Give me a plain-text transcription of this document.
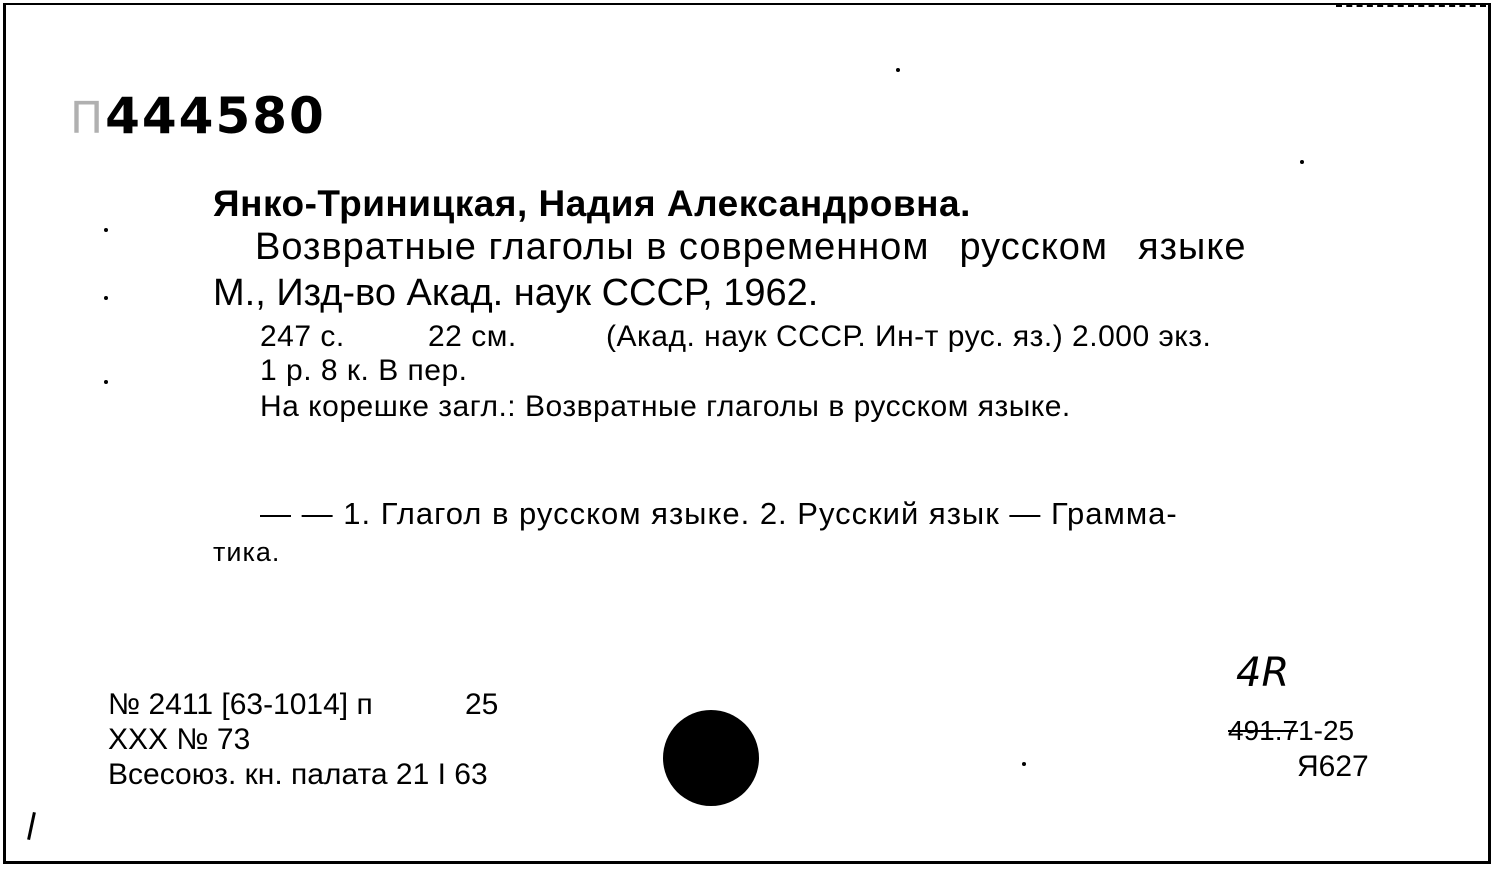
П444580
Янко-Триницкая, Надия Александровна.
Возвратные глаголы в современном русском языке
М., Изд-во Акад. наук СССР, 1962.
247 с.	22 см.	(Акад. наук СССР. Ин-т рус. яз.) 2.000 экз.
1 р. 8 к. В пер.
На корешке загл.: Возвратные глаголы в русском языке.
— — 1. Глагол в русском языке. 2. Русский язык — Грамма-
тика.
№ 2411 [63-1014] п	25
XXX № 73
Всесоюз. кн. палата 21 I 63
4R
491.71-25
Я627
